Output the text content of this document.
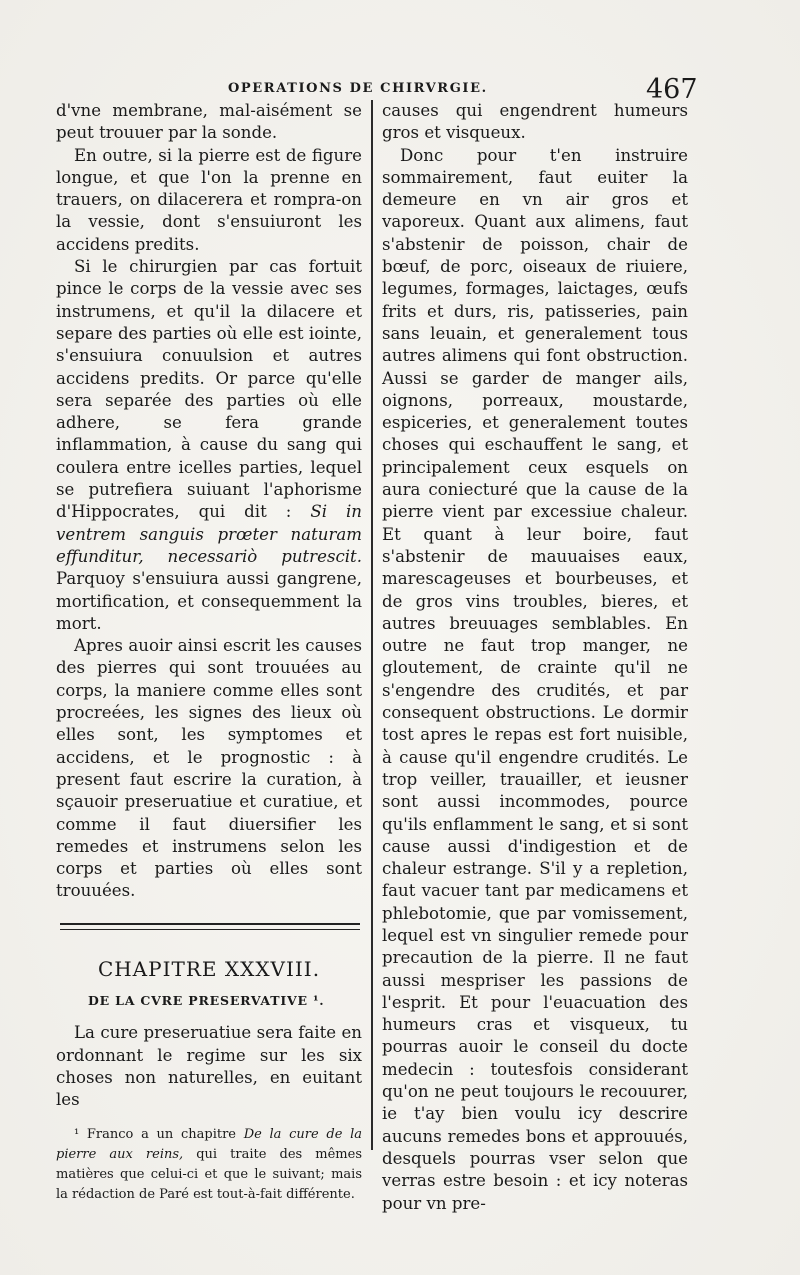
OPERATIONS DE CHIRVRGIE.	467

d'vne membrane, mal-aisément se peut trouuer par la sonde.

En outre, si la pierre est de figure longue, et que l'on la prenne en trauers, on dilacerera et rompra-on la vessie, dont s'ensuiuront les accidens predits.

Si le chirurgien par cas fortuit pince le corps de la vessie avec ses instrumens, et qu'il la dilacere et separe des parties où elle est iointe, s'ensuiura conuulsion et autres accidens predits. Or parce qu'elle sera separée des parties où elle adhere, se fera grande inflammation, à cause du sang qui coulera entre icelles parties, lequel se putrefiera suiuant l'aphorisme d'Hippocrates, qui dit : Si in ventrem sanguis prœter naturam effunditur, necessariò putrescit. Parquoy s'ensuiura aussi gangrene, mortification, et consequemment la mort.

Apres auoir ainsi escrit les causes des pierres qui sont trouuées au corps, la maniere comme elles sont procreées, les signes des lieux où elles sont, les symptomes et accidens, et le prognostic : à present faut escrire la curation, à sçauoir preseruatiue et curatiue, et comme il faut diuersifier les remedes et instrumens selon les corps et parties où elles sont trouuées.

CHAPITRE XXXVIII.
DE LA CVRE PRESERVATIVE ¹.

La cure preseruatiue sera faite en ordonnant le regime sur les six choses non naturelles, en euitant les

¹ Franco a un chapitre De la cure de la pierre aux reins, qui traite des mêmes matières que celui-ci et que le suivant; mais la rédaction de Paré est tout-à-fait différente.

causes qui engendrent humeurs gros et visqueux.

Donc pour t'en instruire sommairement, faut euiter la demeure en vn air gros et vaporeux. Quant aux alimens, faut s'abstenir de poisson, chair de bœuf, de porc, oiseaux de riuiere, legumes, formages, laictages, œufs frits et durs, ris, patisseries, pain sans leuain, et generalement tous autres alimens qui font obstruction. Aussi se garder de manger ails, oignons, porreaux, moustarde, espiceries, et generalement toutes choses qui eschauffent le sang, et principalement ceux esquels on aura coniecturé que la cause de la pierre vient par excessiue chaleur. Et quant à leur boire, faut s'abstenir de mauuaises eaux, marescageuses et bourbeuses, et de gros vins troubles, bieres, et autres breuuages semblables. En outre ne faut trop manger, ne gloutement, de crainte qu'il ne s'engendre des crudités, et par consequent obstructions. Le dormir tost apres le repas est fort nuisible, à cause qu'il engendre crudités. Le trop veiller, trauailler, et ieusner sont aussi incommodes, pource qu'ils enflamment le sang, et si sont cause aussi d'indigestion et de chaleur estrange. S'il y a repletion, faut vacuer tant par medicamens et phlebotomie, que par vomissement, lequel est vn singulier remede pour precaution de la pierre. Il ne faut aussi mespriser les passions de l'esprit. Et pour l'euacuation des humeurs cras et visqueux, tu pourras auoir le conseil du docte medecin : toutesfois considerant qu'on ne peut toujours le recouurer, ie t'ay bien voulu icy descrire aucuns remedes bons et approuués, desquels pourras vser selon que verras estre besoin : et icy noteras pour vn pre-
